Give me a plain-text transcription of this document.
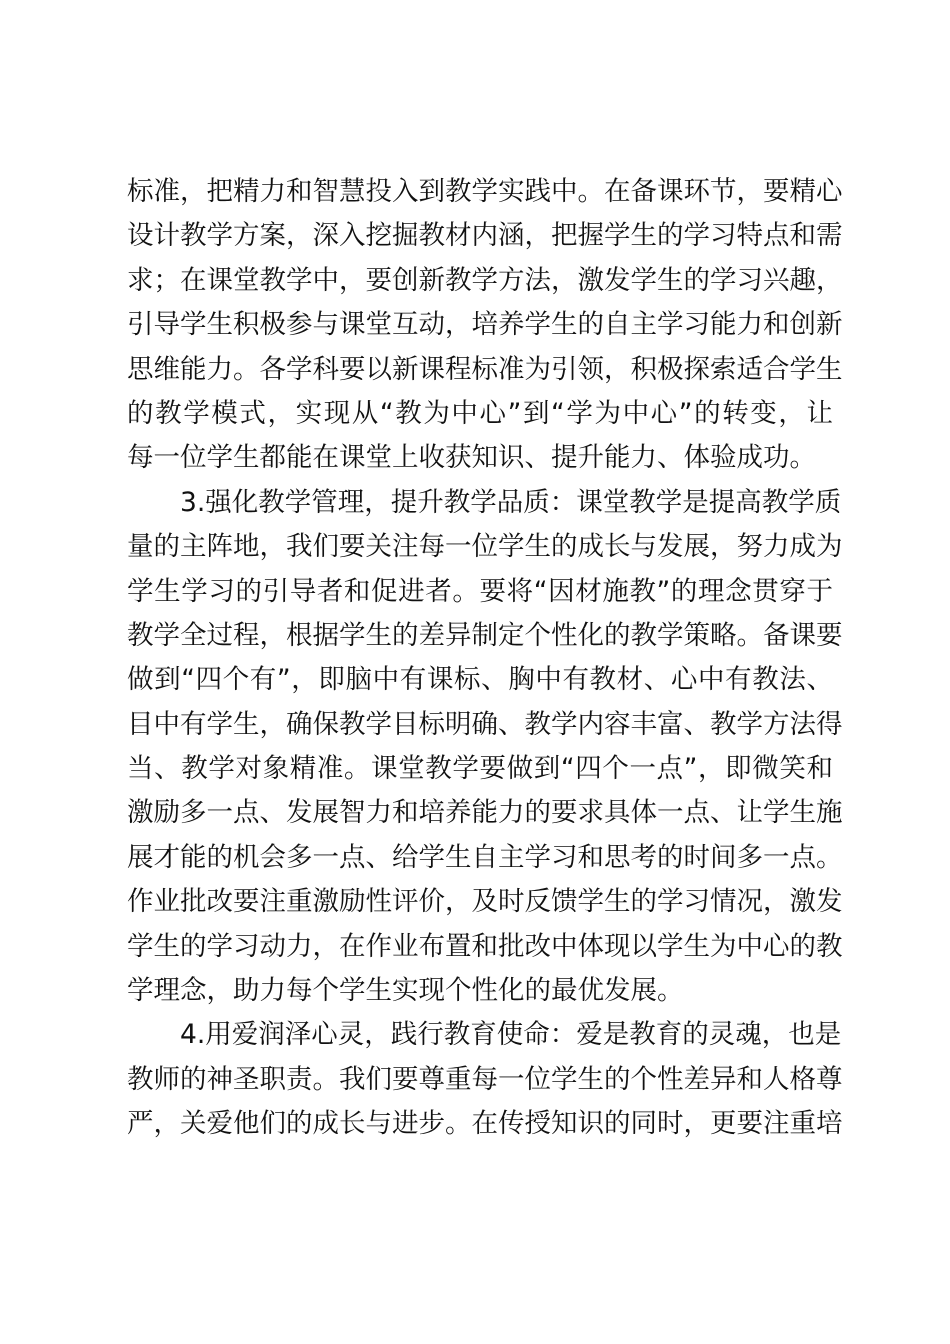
标准，把精力和智慧投入到教学实践中。在备课环节，要精心
设计教学方案，深入挖掘教材内涵，把握学生的学习特点和需
求；在课堂教学中，要创新教学方法，激发学生的学习兴趣，
引导学生积极参与课堂互动，培养学生的自主学习能力和创新
思维能力。各学科要以新课程标准为引领，积极探索适合学生
的教学模式，实现从“教为中心”到“学为中心”的转变，让
每一位学生都能在课堂上收获知识、提升能力、体验成功。
3.强化教学管理，提升教学品质：课堂教学是提高教学质
量的主阵地，我们要关注每一位学生的成长与发展，努力成为
学生学习的引导者和促进者。要将“因材施教”的理念贯穿于
教学全过程，根据学生的差异制定个性化的教学策略。备课要
做到“四个有”，即脑中有课标、胸中有教材、心中有教法、
目中有学生，确保教学目标明确、教学内容丰富、教学方法得
当、教学对象精准。课堂教学要做到“四个一点”，即微笑和
激励多一点、发展智力和培养能力的要求具体一点、让学生施
展才能的机会多一点、给学生自主学习和思考的时间多一点。
作业批改要注重激励性评价，及时反馈学生的学习情况，激发
学生的学习动力，在作业布置和批改中体现以学生为中心的教
学理念，助力每个学生实现个性化的最优发展。
4.用爱润泽心灵，践行教育使命：爱是教育的灵魂，也是
教师的神圣职责。我们要尊重每一位学生的个性差异和人格尊
严，关爱他们的成长与进步。在传授知识的同时，更要注重培
